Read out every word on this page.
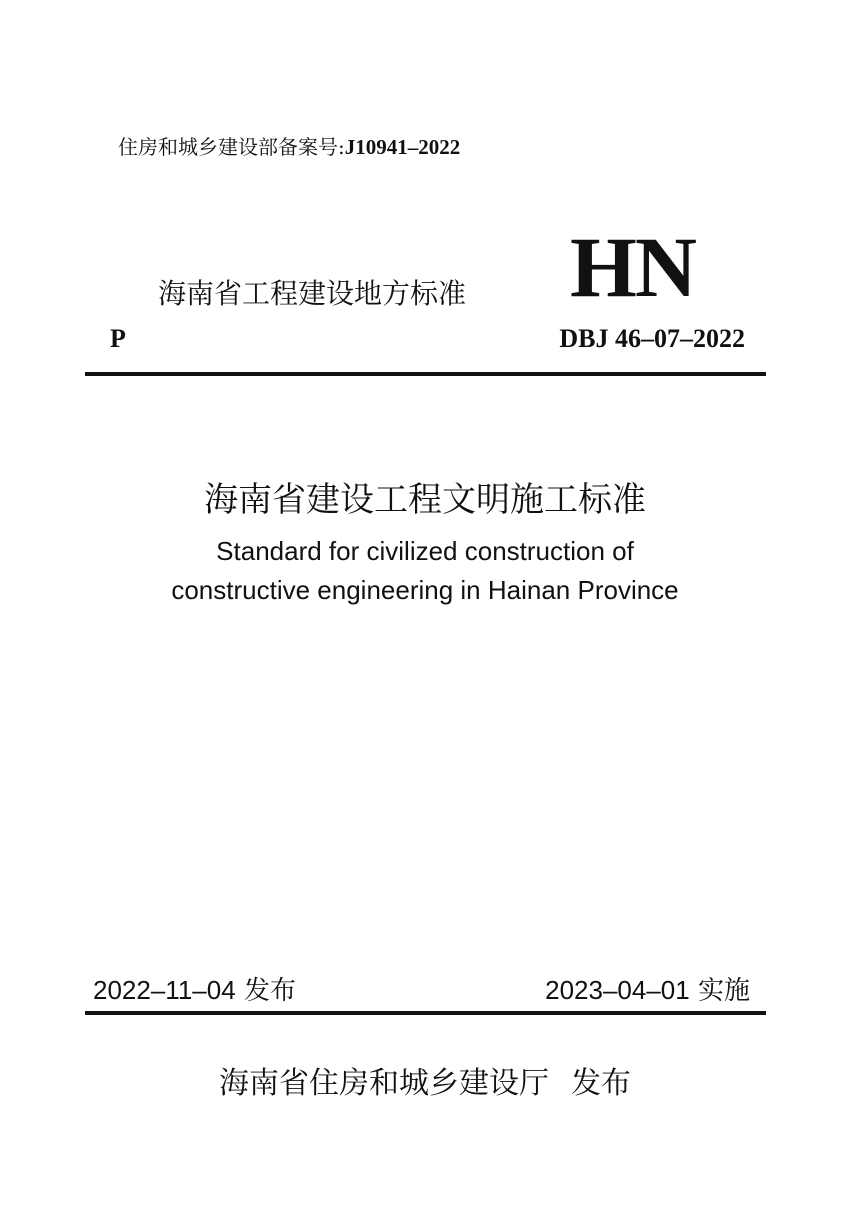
住房和城乡建设部备案号:J10941–2022
海南省工程建设地方标准 HN
P	DBJ 46–07–2022
海南省建设工程文明施工标准
Standard for civilized construction of
constructive engineering in Hainan Province
2022–11–04 发布	2023–04–01 实施
海南省住房和城乡建设厅 发布
